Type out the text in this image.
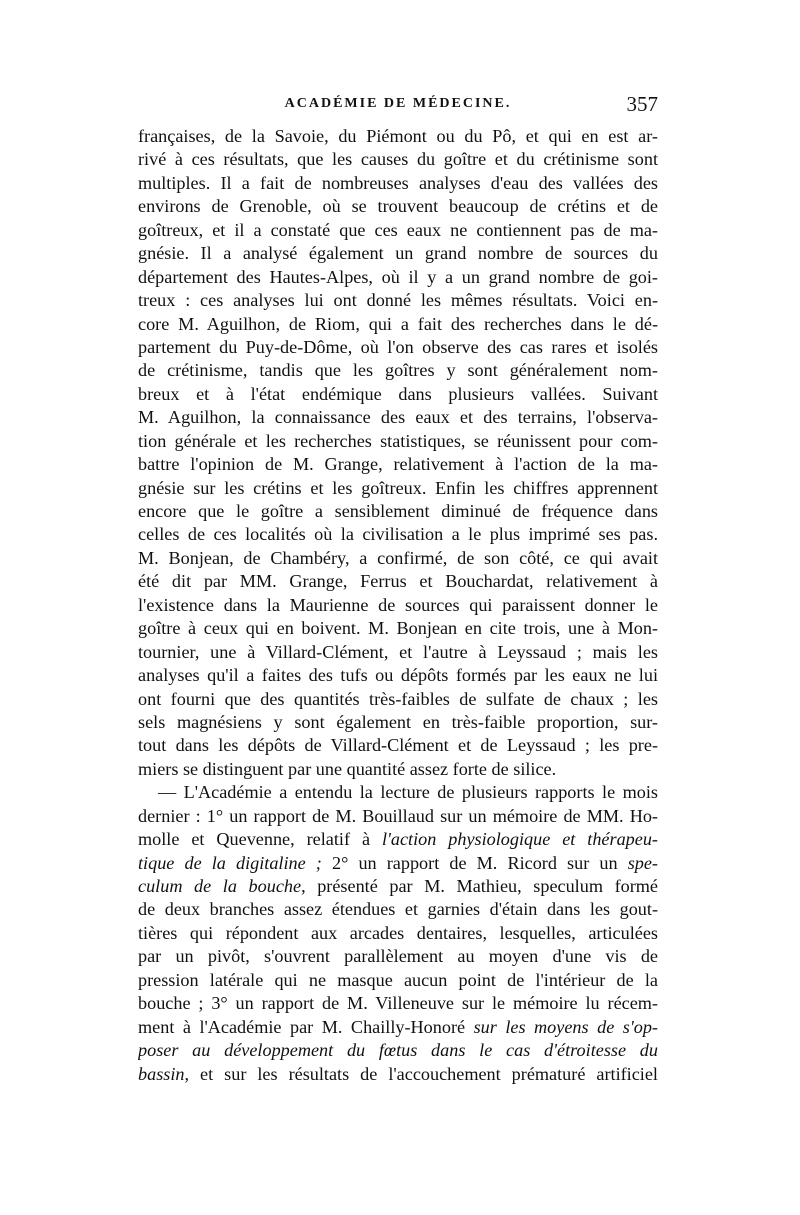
ACADÉMIE DE MÉDECINE.	357
françaises, de la Savoie, du Piémont ou du Pô, et qui en est ar-
rivé à ces résultats, que les causes du goître et du crétinisme sont
multiples. Il a fait de nombreuses analyses d'eau des vallées des
environs de Grenoble, où se trouvent beaucoup de crétins et de
goîtreux, et il a constaté que ces eaux ne contiennent pas de ma-
gnésie. Il a analysé également un grand nombre de sources du
département des Hautes-Alpes, où il y a un grand nombre de goi-
treux : ces analyses lui ont donné les mêmes résultats. Voici en-
core M. Aguilhon, de Riom, qui a fait des recherches dans le dé-
partement du Puy-de-Dôme, où l'on observe des cas rares et isolés
de crétinisme, tandis que les goîtres y sont généralement nom-
breux et à l'état endémique dans plusieurs vallées. Suivant
M. Aguilhon, la connaissance des eaux et des terrains, l'observa-
tion générale et les recherches statistiques, se réunissent pour com-
battre l'opinion de M. Grange, relativement à l'action de la ma-
gnésie sur les crétins et les goîtreux. Enfin les chiffres apprennent
encore que le goître a sensiblement diminué de fréquence dans
celles de ces localités où la civilisation a le plus imprimé ses pas.
M. Bonjean, de Chambéry, a confirmé, de son côté, ce qui avait
été dit par MM. Grange, Ferrus et Bouchardat, relativement à
l'existence dans la Maurienne de sources qui paraissent donner le
goître à ceux qui en boivent. M. Bonjean en cite trois, une à Mon-
tournier, une à Villard-Clément, et l'autre à Leyssaud ; mais les
analyses qu'il a faites des tufs ou dépôts formés par les eaux ne lui
ont fourni que des quantités très-faibles de sulfate de chaux ; les
sels magnésiens y sont également en très-faible proportion, sur-
tout dans les dépôts de Villard-Clément et de Leyssaud ; les pre-
miers se distinguent par une quantité assez forte de silice.
— L'Académie a entendu la lecture de plusieurs rapports le mois
dernier : 1° un rapport de M. Bouillaud sur un mémoire de MM. Ho-
molle et Quevenne, relatif à l'action physiologique et thérapeu-
tique de la digitaline ; 2° un rapport de M. Ricord sur un spe-
culum de la bouche, présenté par M. Mathieu, speculum formé
de deux branches assez étendues et garnies d'étain dans les gout-
tières qui répondent aux arcades dentaires, lesquelles, articulées
par un pivôt, s'ouvrent parallèlement au moyen d'une vis de
pression latérale qui ne masque aucun point de l'intérieur de la
bouche ; 3° un rapport de M. Villeneuve sur le mémoire lu récem-
ment à l'Académie par M. Chailly-Honoré sur les moyens de s'op-
poser au développement du fœtus dans le cas d'étroitesse du
bassin, et sur les résultats de l'accouchement prématuré artificiel
